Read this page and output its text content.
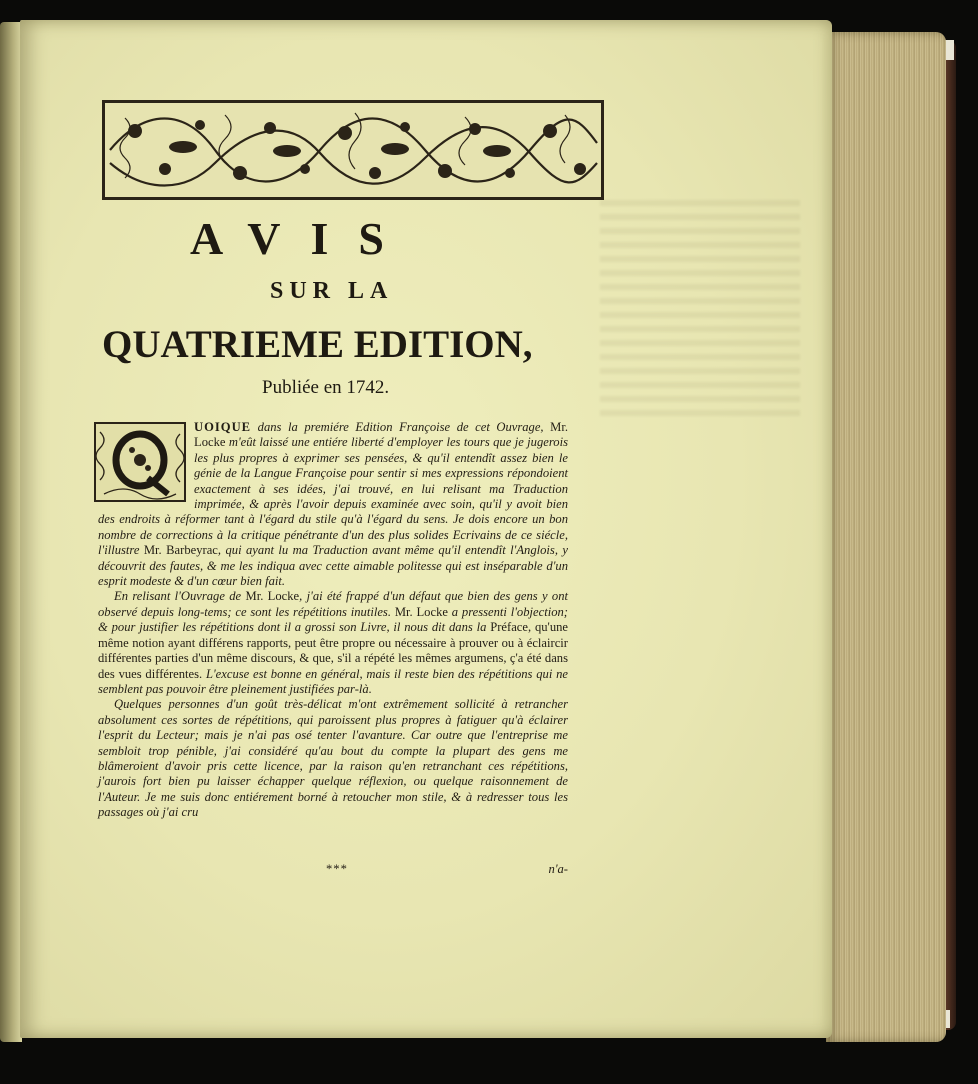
AVIS
SUR LA
QUATRIEME EDITION,
Publiée en 1742.

UOIQUE dans la premiére Edition Françoise de cet Ouvrage, Mr. Locke m'eût laissé une entiére liberté d'employer les tours que je jugerois les plus propres à exprimer ses pensées, & qu'il entendît assez bien le génie de la Langue Françoise pour sentir si mes expressions répondoient exactement à ses idées, j'ai trouvé, en lui relisant ma Traduction imprimée, & après l'avoir depuis examinée avec soin, qu'il y avoit bien des endroits à réformer tant à l'égard du stile qu'à l'égard du sens. Je dois encore un bon nombre de corrections à la critique pénétrante d'un des plus solides Ecrivains de ce siécle, l'illustre Mr. Barbeyrac, qui ayant lu ma Traduction avant même qu'il entendît l'Anglois, y découvrit des fautes, & me les indiqua avec cette aimable politesse qui est inséparable d'un esprit modeste & d'un cœur bien fait.

En relisant l'Ouvrage de Mr. Locke, j'ai été frappé d'un défaut que bien des gens y ont observé depuis long-tems; ce sont les répétitions inutiles. Mr. Locke a pressenti l'objection; & pour justifier les répétitions dont il a grossi son Livre, il nous dit dans la Préface, qu'une même notion ayant différens rapports, peut être propre ou nécessaire à prouver ou à éclaircir différentes parties d'un même discours, & que, s'il a répété les mêmes argumens, ç'a été dans des vues différentes. L'excuse est bonne en général, mais il reste bien des répétitions qui ne semblent pas pouvoir être pleinement justifiées par-là.

Quelques personnes d'un goût très-délicat m'ont extrêmement sollicité à retrancher absolument ces sortes de répétitions, qui paroissent plus propres à fatiguer qu'à éclairer l'esprit du Lecteur; mais je n'ai pas osé tenter l'avanture. Car outre que l'entreprise me sembloit trop pénible, j'ai considéré qu'au bout du compte la plupart des gens me blâmeroient d'avoir pris cette licence, par la raison qu'en retranchant ces répétitions, j'aurois fort bien pu laisser échapper quelque réflexion, ou quelque raisonnement de l'Auteur. Je me suis donc entiérement borné à retoucher mon stile, & à redresser tous les passages où j'ai cru

***	n'a-
